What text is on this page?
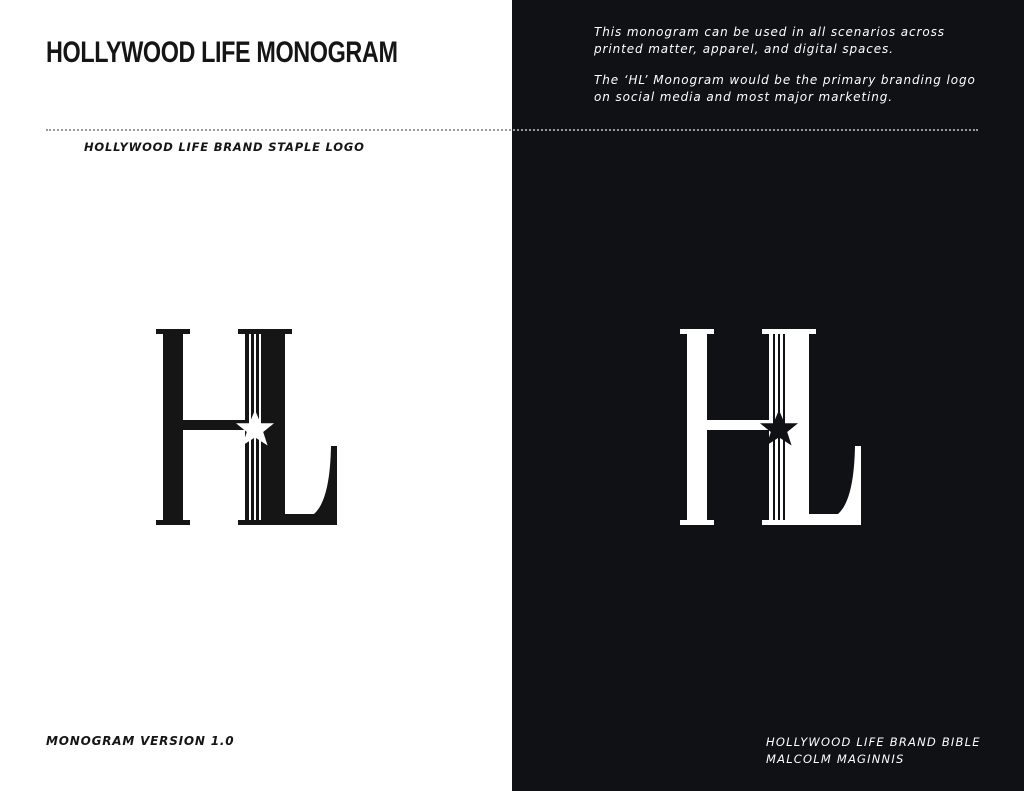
HOLLYWOOD LIFE MONOGRAM

This monogram can be used in all scenarios across printed matter, apparel, and digital spaces.

The ‘HL’ Monogram would be the primary branding logo on social media and most major marketing.

HOLLYWOOD LIFE BRAND STAPLE LOGO
MONOGRAM VERSION 1.0	HOLLYWOOD LIFE BRAND BIBLE
MALCOLM MAGINNIS
